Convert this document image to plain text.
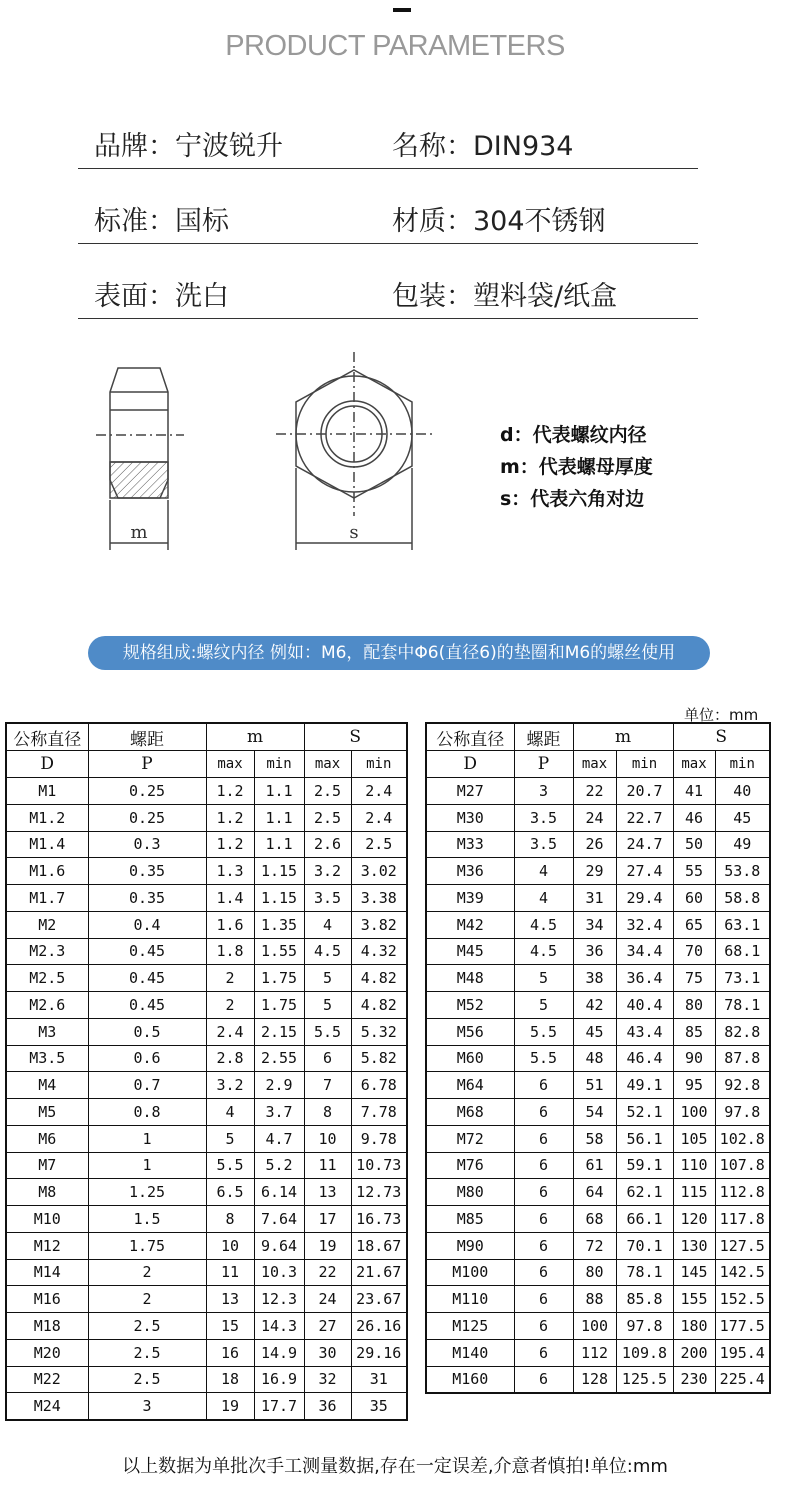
PRODUCT PARAMETERS
品牌：宁波锐升	名称：DIN934
标准：国标	材质：304不锈钢
表面：洗白	包装：塑料袋/纸盒
m	s
d：代表螺纹内径
m：代表螺母厚度
s：代表六角对边
规格组成:螺纹内径 例如：M6，配套中Φ6(直径6)的垫圈和M6的螺丝使用
单位：mm
公称直径	螺距	m		S	
D	P				
		max	min	max	min
M1	0.25	1.2	1.1	2.5	2.4
M1.2	0.25	1.2	1.1	2.5	2.4
M1.4	0.3	1.2	1.1	2.6	2.5
M1.6	0.35	1.3	1.15	3.2	3.02
M1.7	0.35	1.4	1.15	3.5	3.38
M2	0.4	1.6	1.35	4	3.82
M2.3	0.45	1.8	1.55	4.5	4.32
M2.5	0.45	2	1.75	5	4.82
M2.6	0.45	2	1.75	5	4.82
M3	0.5	2.4	2.15	5.5	5.32
M3.5	0.6	2.8	2.55	6	5.82
M4	0.7	3.2	2.9	7	6.78
M5	0.8	4	3.7	8	7.78
M6	1	5	4.7	10	9.78
M7	1	5.5	5.2	11	10.73
M8	1.25	6.5	6.14	13	12.73
M10	1.5	8	7.64	17	16.73
M12	1.75	10	9.64	19	18.67
M14	2	11	10.3	22	21.67
M16	2	13	12.3	24	23.67
M18	2.5	15	14.3	27	26.16
M20	2.5	16	14.9	30	29.16
M22	2.5	18	16.9	32	31
M24	3	19	17.7	36	35
公称直径	螺距	m		S	
D	P				
		max	min	max	min
M27	3	22	20.7	41	40
M30	3.5	24	22.7	46	45
M33	3.5	26	24.7	50	49
M36	4	29	27.4	55	53.8
M39	4	31	29.4	60	58.8
M42	4.5	34	32.4	65	63.1
M45	4.5	36	34.4	70	68.1
M48	5	38	36.4	75	73.1
M52	5	42	40.4	80	78.1
M56	5.5	45	43.4	85	82.8
M60	5.5	48	46.4	90	87.8
M64	6	51	49.1	95	92.8
M68	6	54	52.1	100	97.8
M72	6	58	56.1	105	102.8
M76	6	61	59.1	110	107.8
M80	6	64	62.1	115	112.8
M85	6	68	66.1	120	117.8
M90	6	72	70.1	130	127.5
M100	6	80	78.1	145	142.5
M110	6	88	85.8	155	152.5
M125	6	100	97.8	180	177.5
M140	6	112	109.8	200	195.4
M160	6	128	125.5	230	225.4
以上数据为单批次手工测量数据,存在一定误差,介意者慎拍!单位:mm
